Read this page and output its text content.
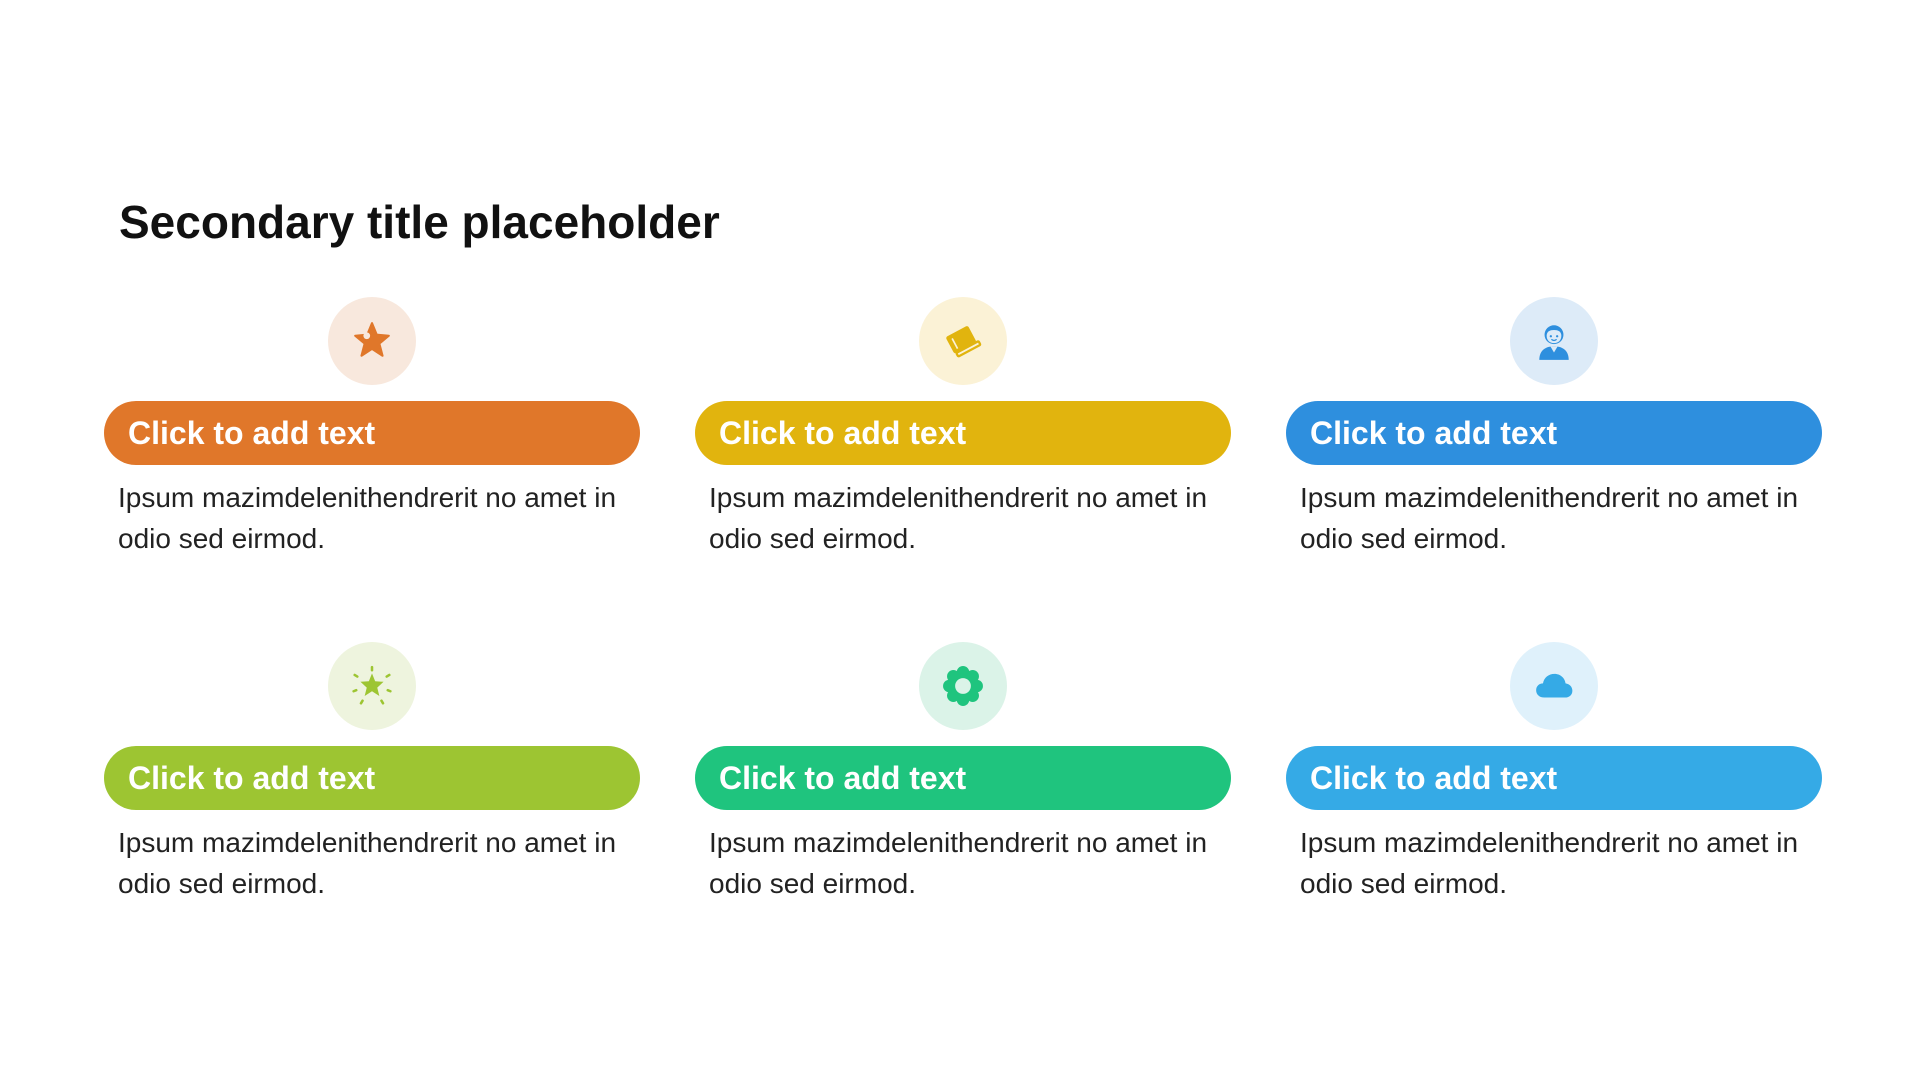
Secondary title placeholder
Click to add text

Ipsum mazimdelenithendrerit no amet in odio sed eirmod.

Click to add text

Ipsum mazimdelenithendrerit no amet in odio sed eirmod.

Click to add text

Ipsum mazimdelenithendrerit no amet in odio sed eirmod.

Click to add text

Ipsum mazimdelenithendrerit no amet in odio sed eirmod.

Click to add text

Ipsum mazimdelenithendrerit no amet in odio sed eirmod.

Click to add text

Ipsum mazimdelenithendrerit no amet in odio sed eirmod.
